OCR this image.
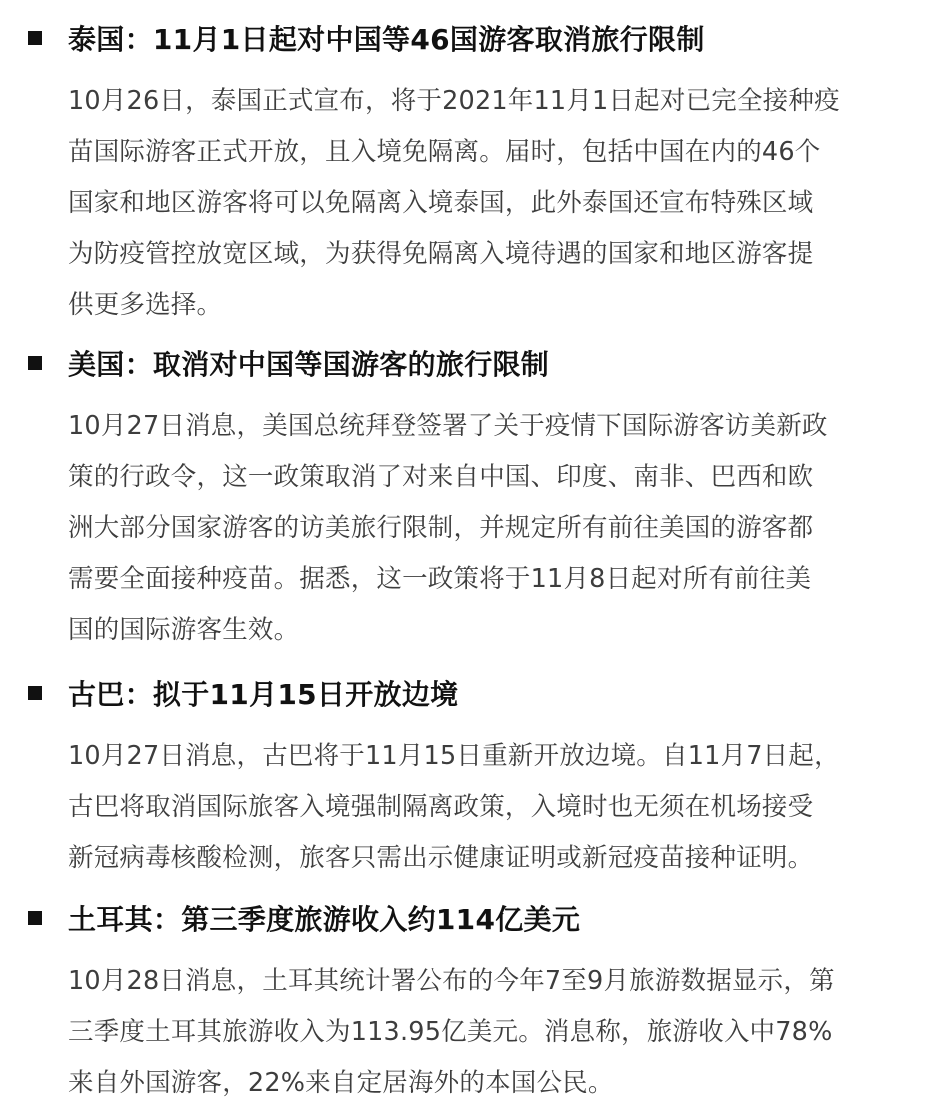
泰国：11月1日起对中国等46国游客取消旅行限制
10月26日，泰国正式宣布，将于2021年11月1日起对已完全接种疫
苗国际游客正式开放，且入境免隔离。届时，包括中国在内的46个
国家和地区游客将可以免隔离入境泰国，此外泰国还宣布特殊区域
为防疫管控放宽区域，为获得免隔离入境待遇的国家和地区游客提
供更多选择。
美国：取消对中国等国游客的旅行限制
10月27日消息，美国总统拜登签署了关于疫情下国际游客访美新政
策的行政令，这一政策取消了对来自中国、印度、南非、巴西和欧
洲大部分国家游客的访美旅行限制，并规定所有前往美国的游客都
需要全面接种疫苗。据悉，这一政策将于11月8日起对所有前往美
国的国际游客生效。
古巴：拟于11月15日开放边境
10月27日消息，古巴将于11月15日重新开放边境。自11月7日起，
古巴将取消国际旅客入境强制隔离政策，入境时也无须在机场接受
新冠病毒核酸检测，旅客只需出示健康证明或新冠疫苗接种证明。
土耳其：第三季度旅游收入约114亿美元
10月28日消息，土耳其统计署公布的今年7至9月旅游数据显示，第
三季度土耳其旅游收入为113.95亿美元。消息称，旅游收入中78%
来自外国游客，22%来自定居海外的本国公民。
